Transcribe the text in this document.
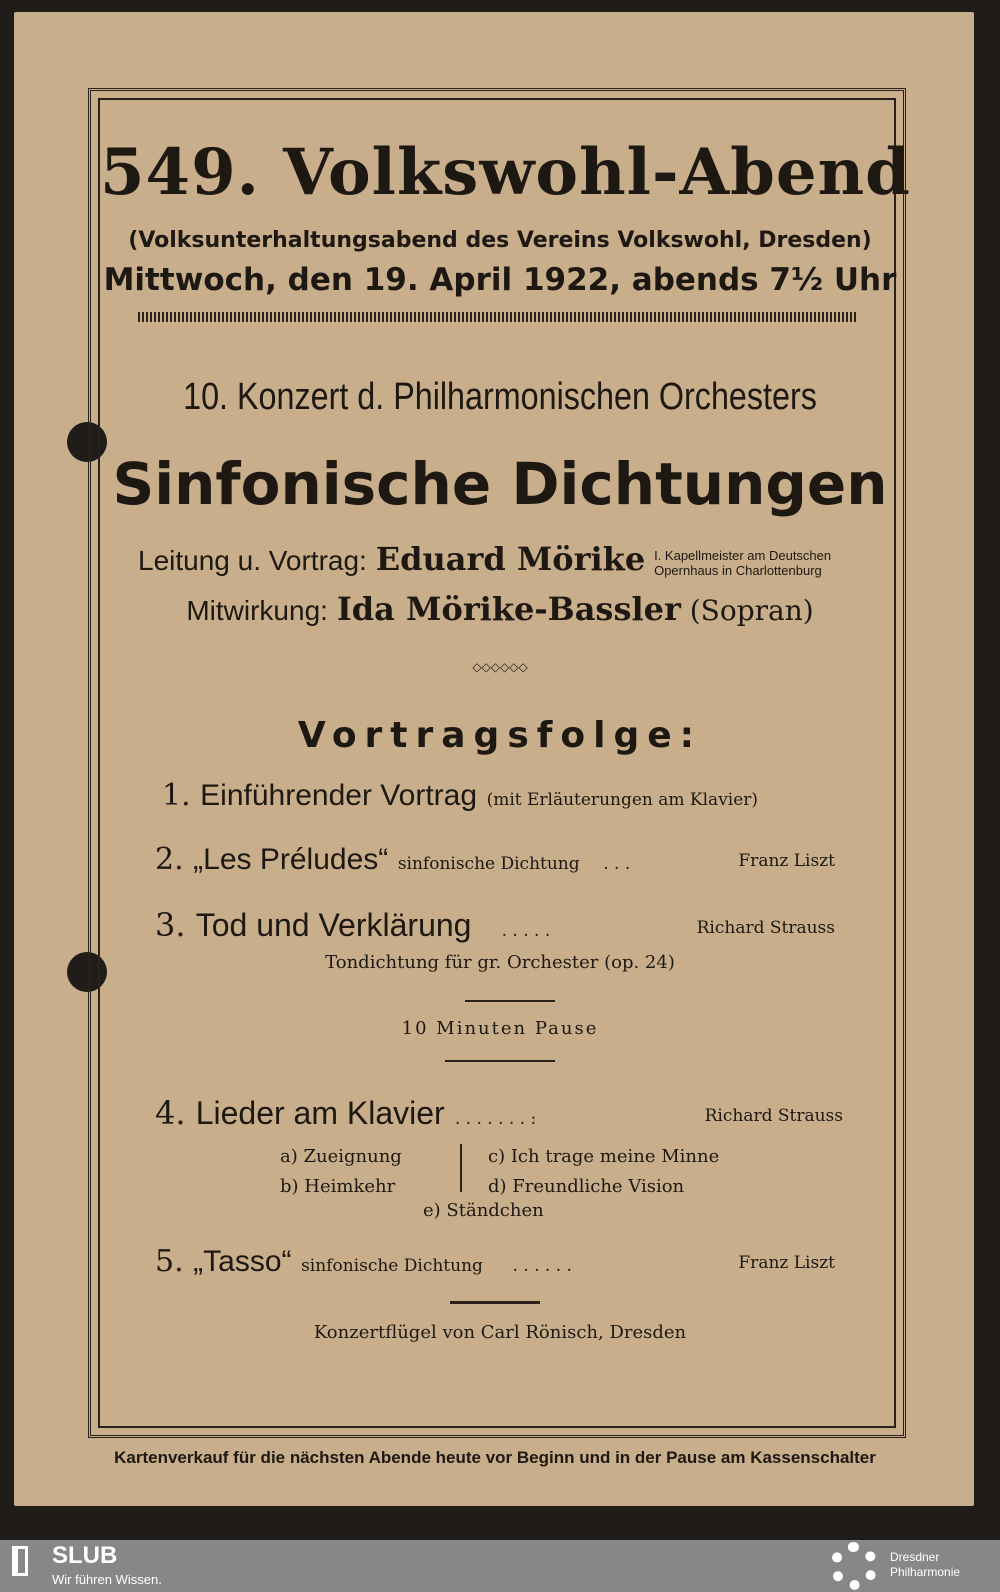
549. Volkswohl-Abend
(Volksunterhaltungsabend des Vereins Volkswohl, Dresden)
Mittwoch, den 19. April 1922, abends 7½ Uhr
10. Konzert d. Philharmonischen Orchesters
Sinfonische Dichtungen
Leitung u. Vortrag: Eduard Mörike I. Kapellmeister am Deutschen
Opernhaus in Charlottenburg
Mitwirkung: Ida Mörike-Bassler (Sopran)
◇◇◇◇◇◇
Vortragsfolge:
1. Einführender Vortrag (mit Erläuterungen am Klavier)
2. „Les Préludes“ sinfonische Dichtung . . .	Franz Liszt
3. Tod und Verklärung . . . . .	Richard Strauss
Tondichtung für gr. Orchester (op. 24)
10 Minuten Pause
4. Lieder am Klavier . . . . . . . :	Richard Strauss
a) Zueignung
b) Heimkehr
c) Ich trage meine Minne
d) Freundliche Vision
e) Ständchen
5. „Tasso“ sinfonische Dichtung . . . . . .	Franz Liszt
Konzertflügel von Carl Rönisch, Dresden
Kartenverkauf für die nächsten Abende heute vor Beginn und in der Pause am Kassenschalter
SLUB
Wir führen Wissen.
Dresdner
Philharmonie
